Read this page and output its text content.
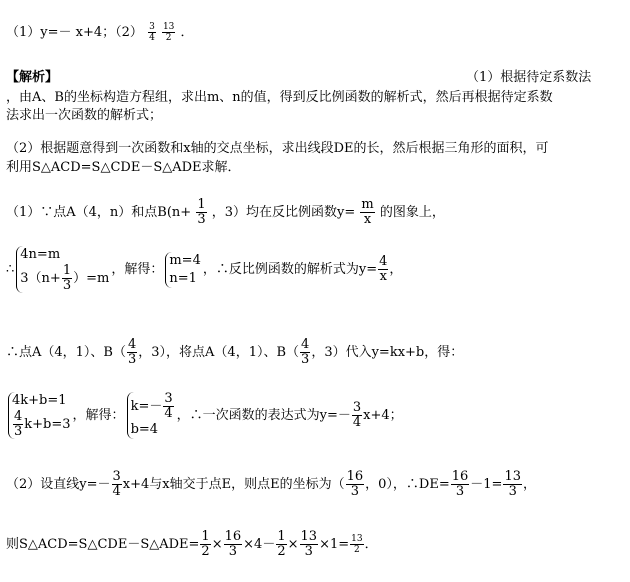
（1）y=－ x+4；$(2) \frac{3}{4}$
$\frac{13}{2}$ ．
【解析】	（1）根据待定系数法
，由A、B的坐标构造方程组，求出m、n的值，得到反比例函数的解析式，然后再根据待定系数
法求出一次函数的解析式；
（2）根据题意得到一次函数和x轴的交点坐标，求出线段DE的长，然后根据三角形的面积，可
利用S△ACD=S△CDE－S△ADE求解．
（1）∵点A（4，n）和点$B(n+ \frac{1}{3}$ ，3）均在反比例函数$y= \frac{m}{x}$ 的图象上，
∴
4n=m
$3(n+ \frac{1}{3} )=m$
，解得：
m=4
n=1
，∴反比例函数的解析式为$y= \frac{4}{x}$ ，
∴点A（4，1）、$B( \frac{4}{3}$ ，3），将点A（4，1）、$B( \frac{4}{3}$ ，3）代入y=kx+b，得：
4k+b=1
$\frac{4}{3} k+b=3$
，解得：
$k=- \frac{3}{4}$
b=4
，∴一次函数的表达式为$y=- \frac{3}{4} x+4$；
（2）设直线$y=- \frac{3}{4} x+4$与x轴交于点E，则点E的坐标为（ $\frac{16}{3}$ ，0），∴DE= $\frac{16}{3} -1= \frac{13}{3}$ ，
则S△ACD=S△CDE－S△ADE= $\frac{1}{2} \times \frac{16}{3} \times 4- \frac{1}{2} \times \frac{13}{3} \times 1= \frac{13}{2}$ ．
